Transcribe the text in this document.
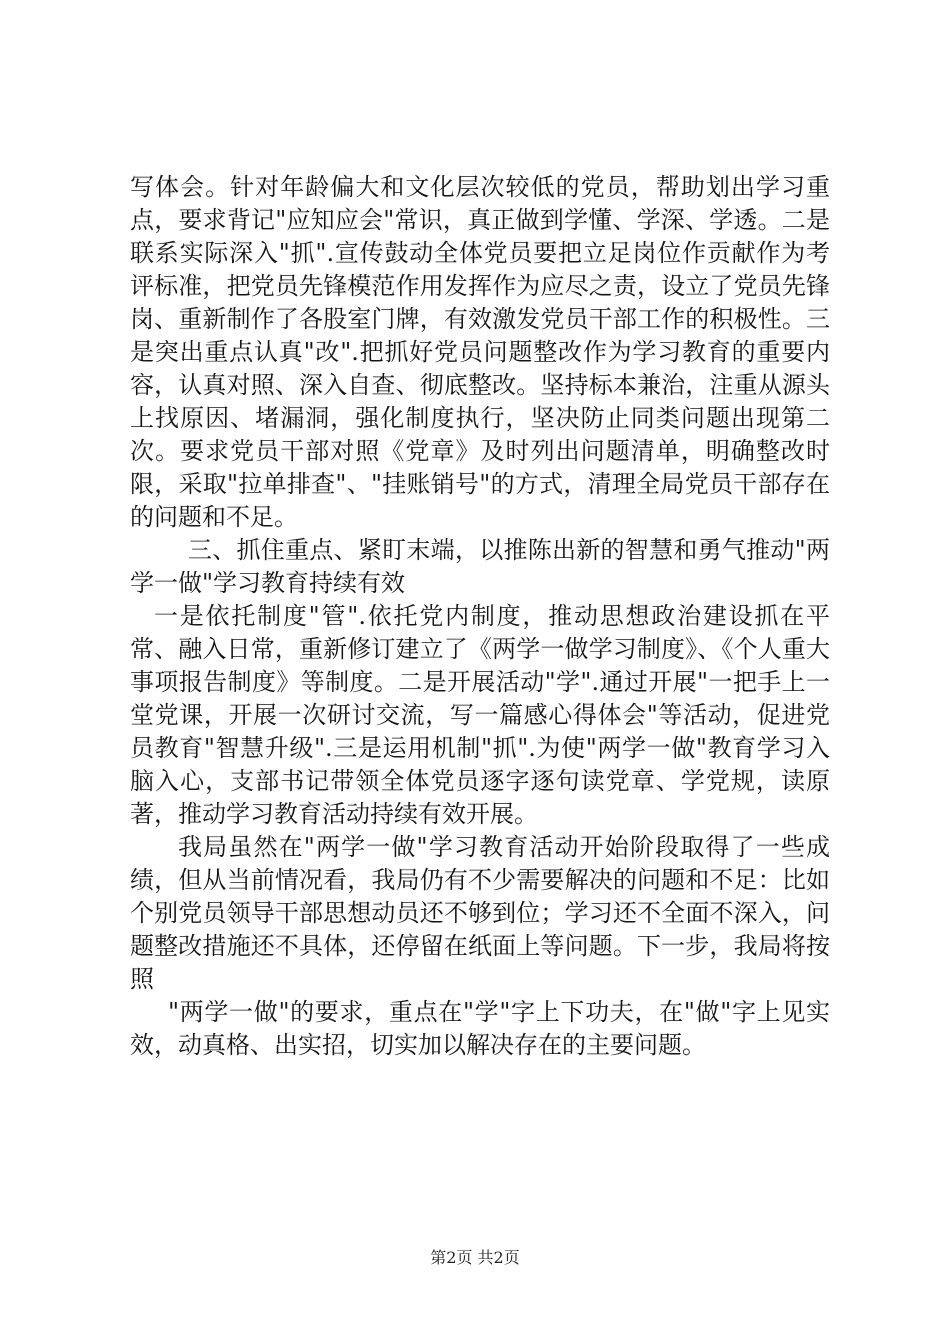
写体会。针对年龄偏大和文化层次较低的党员，帮助划出学习重点，要求背记"应知应会"常识，真正做到学懂、学深、学透。二是联系实际深入"抓".宣传鼓动全体党员要把立足岗位作贡献作为考评标准，把党员先锋模范作用发挥作为应尽之责，设立了党员先锋岗、重新制作了各股室门牌，有效激发党员干部工作的积极性。三是突出重点认真"改".把抓好党员问题整改作为学习教育的重要内容，认真对照、深入自查、彻底整改。坚持标本兼治，注重从源头上找原因、堵漏洞，强化制度执行，坚决防止同类问题出现第二次。要求党员干部对照《党章》及时列出问题清单，明确整改时限，采取"拉单排查"、"挂账销号"的方式，清理全局党员干部存在的问题和不足。

三、抓住重点、紧盯末端，以推陈出新的智慧和勇气推动"两学一做"学习教育持续有效

一是依托制度"管".依托党内制度，推动思想政治建设抓在平常、融入日常，重新修订建立了《两学一做学习制度》、《个人重大事项报告制度》等制度。二是开展活动"学".通过开展"一把手上一堂党课，开展一次研讨交流，写一篇感心得体会"等活动，促进党员教育"智慧升级".三是运用机制"抓".为使"两学一做"教育学习入脑入心，支部书记带领全体党员逐字逐句读党章、学党规，读原著，推动学习教育活动持续有效开展。

我局虽然在"两学一做"学习教育活动开始阶段取得了一些成绩，但从当前情况看，我局仍有不少需要解决的问题和不足：比如个别党员领导干部思想动员还不够到位；学习还不全面不深入，问题整改措施还不具体，还停留在纸面上等问题。下一步，我局将按照

"两学一做"的要求，重点在"学"字上下功夫，在"做"字上见实效，动真格、出实招，切实加以解决存在的主要问题。

第2页 共2页
